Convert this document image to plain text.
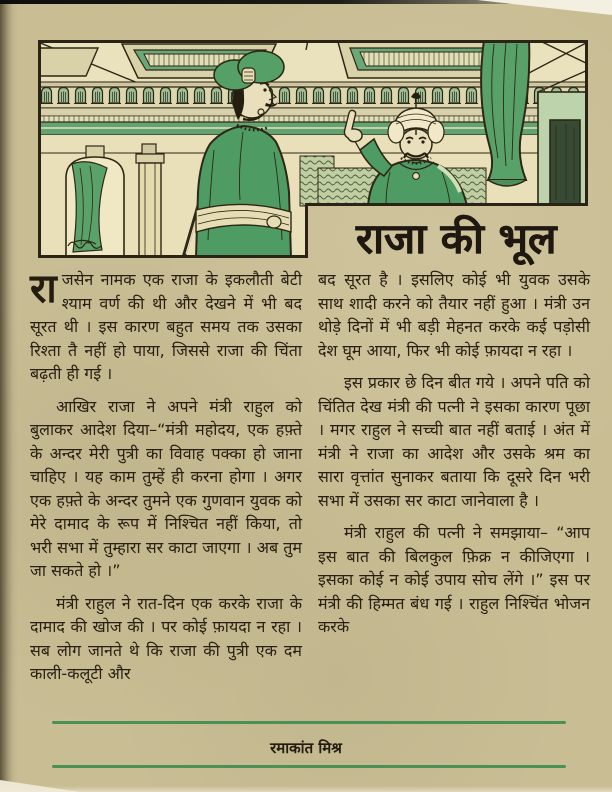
राजा की भूल

राजसेन नामक एक राजा के इकलौती बेटी श्याम वर्ण की थी और देखने में भी बद सूरत थी । इस कारण बहुत समय तक उसका रिश्ता तै नहीं हो पाया, जिससे राजा की चिंता बढ़ती ही गई ।

आखिर राजा ने अपने मंत्री राहुल को बुलाकर आदेश दिया–“मंत्री महोदय, एक हफ़्ते के अन्दर मेरी पुत्री का विवाह पक्का हो जाना चाहिए । यह काम तुम्हें ही करना होगा । अगर एक हफ़्ते के अन्दर तुमने एक गुणवान युवक को मेरे दामाद के रूप में निश्चित नहीं किया, तो भरी सभा में तुम्हारा सर काटा जाएगा । अब तुम जा सकते हो ।”

मंत्री राहुल ने रात-दिन एक करके राजा के दामाद की खोज की । पर कोई फ़ायदा न रहा । सब लोग जानते थे कि राजा की पुत्री एक दम काली-कलूटी और

बद सूरत है । इसलिए कोई भी युवक उसके साथ शादी करने को तैयार नहीं हुआ । मंत्री उन थोड़े दिनों में भी बड़ी मेहनत करके कई पड़ोसी देश घूम आया, फिर भी कोई फ़ायदा न रहा ।

इस प्रकार छे दिन बीत गये । अपने पति को चिंतित देख मंत्री की पत्नी ने इसका कारण पूछा । मगर राहुल ने सच्ची बात नहीं बताई । अंत में मंत्री ने राजा का आदेश और उसके श्रम का सारा वृत्तांत सुनाकर बताया कि दूसरे दिन भरी सभा में उसका सर काटा जानेवाला है ।

मंत्री राहुल की पत्नी ने समझाया– “आप इस बात की बिलकुल फ़िक्र न कीजिएगा । इसका कोई न कोई उपाय सोच लेंगे ।” इस पर मंत्री की हिम्मत बंध गई । राहुल निश्चिंत भोजन करके

रमाकांत मिश्र
